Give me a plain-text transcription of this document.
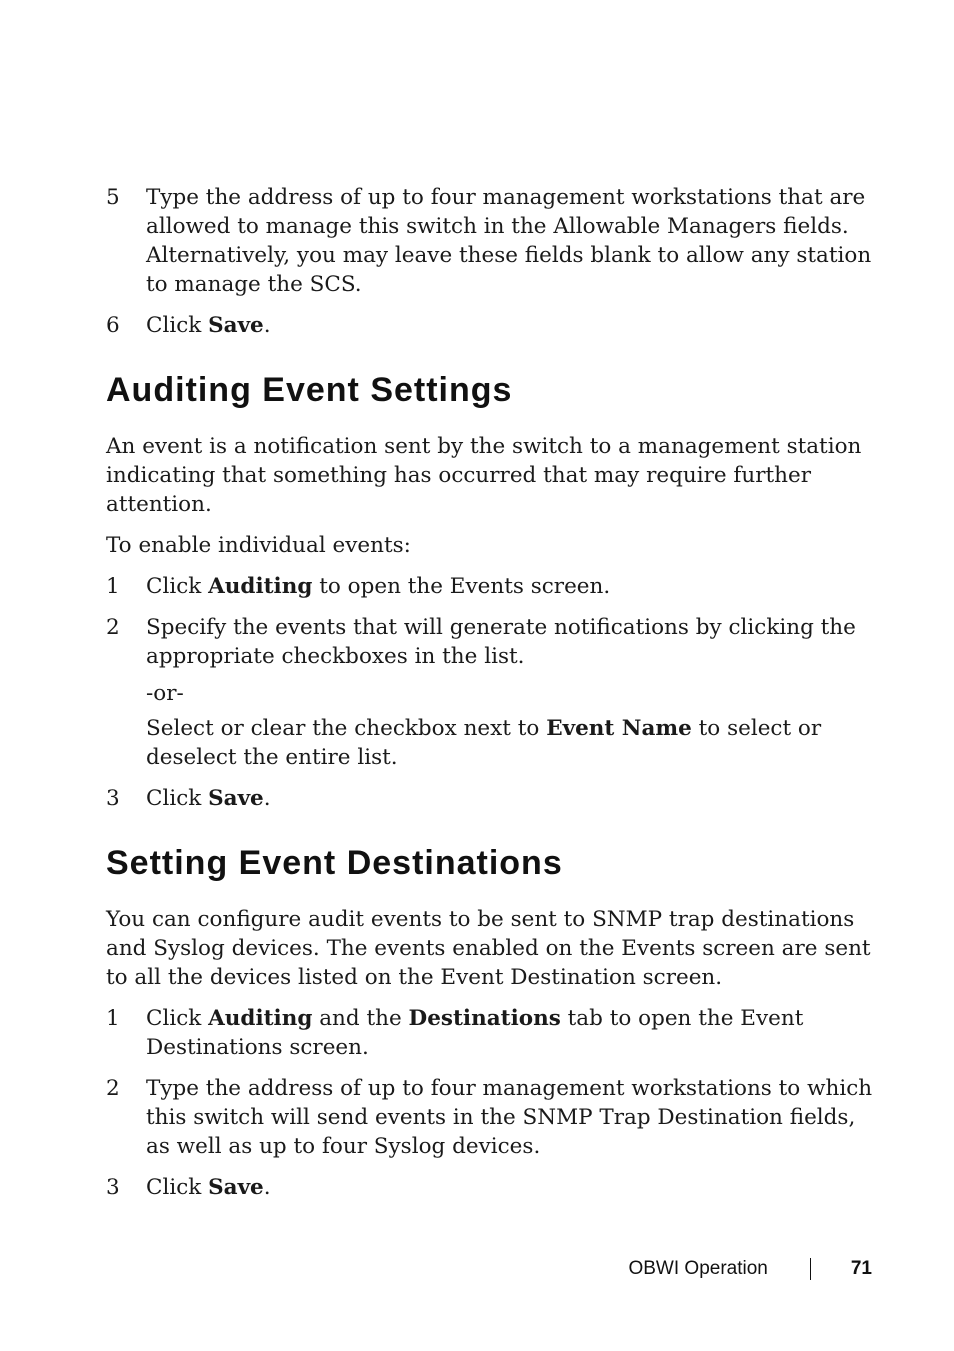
5 Type the address of up to four management workstations that are allowed to manage this switch in the Allowable Managers fields. Alternatively, you may leave these fields blank to allow any station to manage the SCS.
6 Click Save.
Auditing Event Settings

An event is a notification sent by the switch to a management station indicating that something has occurred that may require further attention.

To enable individual events:

1 Click Auditing to open the Events screen.
2 Specify the events that will generate notifications by clicking the appropriate checkboxes in the list.
-or-
Select or clear the checkbox next to Event Name to select or deselect the entire list.
3 Click Save.
Setting Event Destinations

You can configure audit events to be sent to SNMP trap destinations and Syslog devices. The events enabled on the Events screen are sent to all the devices listed on the Event Destination screen.

1 Click Auditing and the Destinations tab to open the Event Destinations screen.
2 Type the address of up to four management workstations to which this switch will send events in the SNMP Trap Destination fields, as well as up to four Syslog devices.
3 Click Save.
OBWI Operation	71
